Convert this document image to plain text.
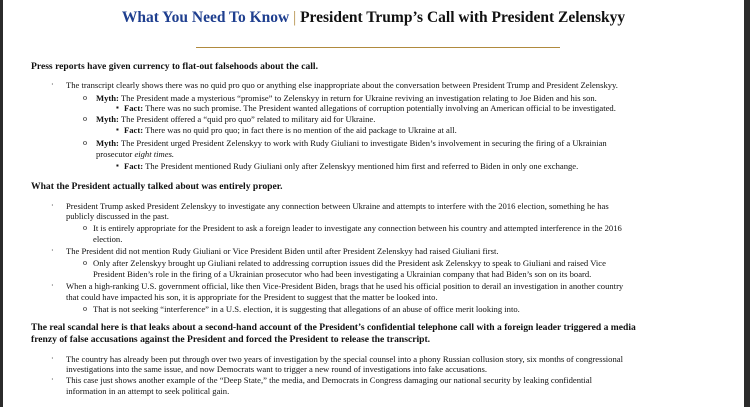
What You Need To Know | President Trump’s Call with President Zelenskyy
Press reports have given currency to flat-out falsehoods about the call.
· The transcript clearly shows there was no quid pro quo or anything else inappropriate about the conversation between President Trump and President Zelenskyy.
o Myth: The President made a mysterious “promise” to Zelenskyy in return for Ukraine reviving an investigation relating to Joe Biden and his son.
▪ Fact: There was no such promise. The President wanted allegations of corruption potentially involving an American official to be investigated.
o Myth: The President offered a “quid pro quo” related to military aid for Ukraine.
▪ Fact: There was no quid pro quo; in fact there is no mention of the aid package to Ukraine at all.
o Myth: The President urged President Zelenskyy to work with Rudy Giuliani to investigate Biden’s involvement in securing the firing of a Ukrainian
prosecutor eight times.
▪ Fact: The President mentioned Rudy Giuliani only after Zelenskyy mentioned him first and referred to Biden in only one exchange.
What the President actually talked about was entirely proper.
· President Trump asked President Zelenskyy to investigate any connection between Ukraine and attempts to interfere with the 2016 election, something he has
publicly discussed in the past.
o It is entirely appropriate for the President to ask a foreign leader to investigate any connection between his country and attempted interference in the 2016
election.
· The President did not mention Rudy Giuliani or Vice President Biden until after President Zelenskyy had raised Giuliani first.
o Only after Zelenskyy brought up Giuliani related to addressing corruption issues did the President ask Zelenskyy to speak to Giuliani and raised Vice
President Biden’s role in the firing of a Ukrainian prosecutor who had been investigating a Ukrainian company that had Biden’s son on its board.
· When a high-ranking U.S. government official, like then Vice-President Biden, brags that he used his official position to derail an investigation in another country
that could have impacted his son, it is appropriate for the President to suggest that the matter be looked into.
o That is not seeking “interference” in a U.S. election, it is suggesting that allegations of an abuse of office merit looking into.
The real scandal here is that leaks about a second-hand account of the President’s confidential telephone call with a foreign leader triggered a media
frenzy of false accusations against the President and forced the President to release the transcript.
· The country has already been put through over two years of investigation by the special counsel into a phony Russian collusion story, six months of congressional
investigations into the same issue, and now Democrats want to trigger a new round of investigations into fake accusations.
· This case just shows another example of the “Deep State,” the media, and Democrats in Congress damaging our national security by leaking confidential
information in an attempt to seek political gain.
